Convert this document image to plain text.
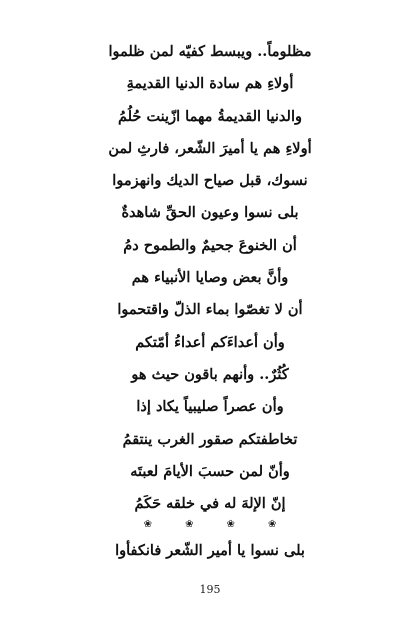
مظلوماً.. ويبسط كفيّه لمن ظلموا
أولاءِ هم سادة الدنيا القديمةِ
والدنيا القديمةُ مهما ازّينت حُلُمُ
أولاءِ هم يا أميرَ الشّعر، فارثِ لمن
نسوك، قبل صياح الديك وانهزموا
بلى نسوا وعيون الحقِّ شاهدةٌ
أن الخنوعَ جحيمٌ والطموح دمُ
وأنَّ بعض وصايا الأنبياء هم
أن لا تغصّوا بماء الذلّ واقتحموا
وأن أعداءَكم أعداءُ أمّتكم
كُثُرٌ.. وأنهم باقون حيث هو
وأن عصراً صليبياً يكاد إذا
تخاطفتكم صقور الغرب ينتقمُ
وأنّ لمن حسبَ الأيامَ لعبتَه
إنّ الإلهَ له في خلقه حَكَمُ
❀ ❀ ❀ ❀
بلى نسوا يا أمير الشّعر فانكفأوا
195
